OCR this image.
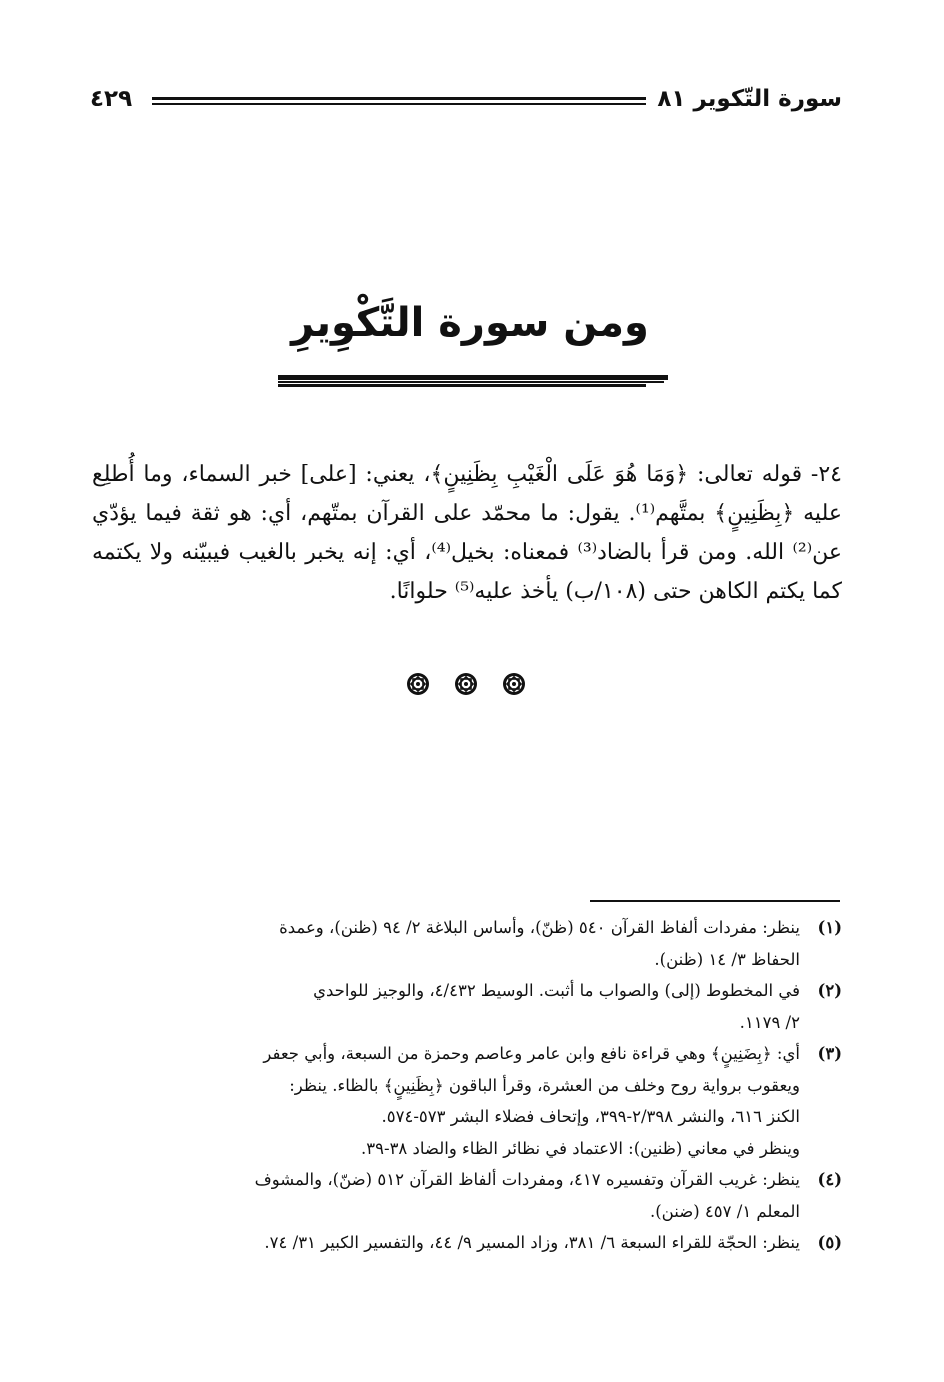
سورة التّكوير ٨١
٤٢٩
ومن سورة التَّكْوِيرِ

٢٤- قوله تعالى: ﴿وَمَا هُوَ عَلَى الْغَيْبِ بِظَنِينٍ﴾، يعني: [على] خبر السماء، وما أُطلِع عليه ﴿بِظَنِينٍ﴾ بمتَّهم⁽¹⁾. يقول: ما محمّد على القرآن بمتّهم، أي: هو ثقة فيما يؤدّي عن⁽²⁾ الله. ومن قرأ بالضاد⁽³⁾ فمعناه: بخيل⁽⁴⁾، أي: إنه يخبر بالغيب فيبيّنه ولا يكتمه كما يكتم الكاهن حتى (١٠٨/ب) يأخذ عليه⁽⁵⁾ حلوانًا.

(١)
ينظر: مفردات ألفاظ القرآن ٥٤٠ (ظنّ)، وأساس البلاغة ٢/ ٩٤ (ظنن)، وعمدة
الحفاظ ٣/ ١٤ (ظنن).
(٢)
في المخطوط (إلى) والصواب ما أثبت. الوسيط ٤/٤٣٢، والوجيز للواحدي
٢/ ١١٧٩.
(٣)
أي: ﴿بِضَنِينٍ﴾ وهي قراءة نافع وابن عامر وعاصم وحمزة من السبعة، وأبي جعفر
ويعقوب برواية روح وخلف من العشرة، وقرأ الباقون ﴿بِظَنِينٍ﴾ بالظاء. ينظر:
الكنز ٦١٦، والنشر ٢/٣٩٨-٣٩٩، وإتحاف فضلاء البشر ٥٧٣-٥٧٤.
وينظر في معاني (ظنين): الاعتماد في نظائر الظاء والضاد ٣٨-٣٩.
(٤)
ينظر: غريب القرآن وتفسيره ٤١٧، ومفردات ألفاظ القرآن ٥١٢ (ضنّ)، والمشوف
المعلم ١/ ٤٥٧ (ضنن).
(٥)
ينظر: الحجّة للقراء السبعة ٦/ ٣٨١، وزاد المسير ٩/ ٤٤، والتفسير الكبير ٣١/ ٧٤.
